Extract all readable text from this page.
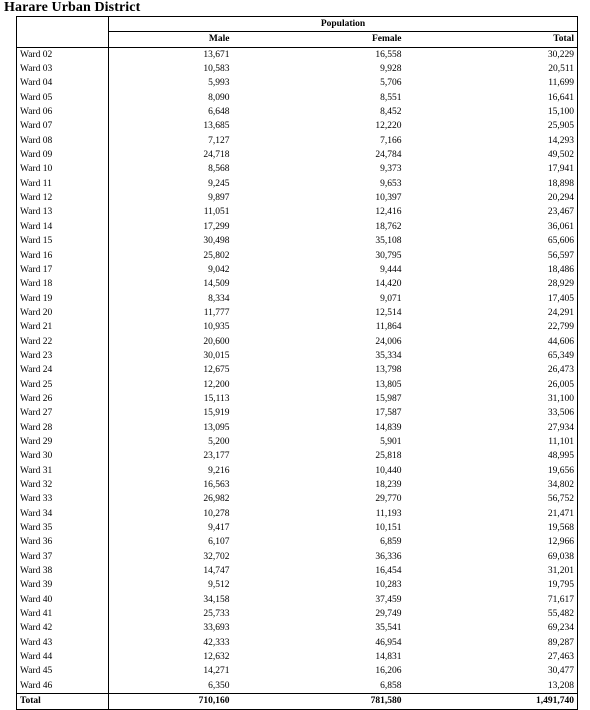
Harare Urban District
	Population		
	Male	Female	Total
Ward 02	13,671	16,558	30,229
Ward 03	10,583	9,928	20,511
Ward 04	5,993	5,706	11,699
Ward 05	8,090	8,551	16,641
Ward 06	6,648	8,452	15,100
Ward 07	13,685	12,220	25,905
Ward 08	7,127	7,166	14,293
Ward 09	24,718	24,784	49,502
Ward 10	8,568	9,373	17,941
Ward 11	9,245	9,653	18,898
Ward 12	9,897	10,397	20,294
Ward 13	11,051	12,416	23,467
Ward 14	17,299	18,762	36,061
Ward 15	30,498	35,108	65,606
Ward 16	25,802	30,795	56,597
Ward 17	9,042	9,444	18,486
Ward 18	14,509	14,420	28,929
Ward 19	8,334	9,071	17,405
Ward 20	11,777	12,514	24,291
Ward 21	10,935	11,864	22,799
Ward 22	20,600	24,006	44,606
Ward 23	30,015	35,334	65,349
Ward 24	12,675	13,798	26,473
Ward 25	12,200	13,805	26,005
Ward 26	15,113	15,987	31,100
Ward 27	15,919	17,587	33,506
Ward 28	13,095	14,839	27,934
Ward 29	5,200	5,901	11,101
Ward 30	23,177	25,818	48,995
Ward 31	9,216	10,440	19,656
Ward 32	16,563	18,239	34,802
Ward 33	26,982	29,770	56,752
Ward 34	10,278	11,193	21,471
Ward 35	9,417	10,151	19,568
Ward 36	6,107	6,859	12,966
Ward 37	32,702	36,336	69,038
Ward 38	14,747	16,454	31,201
Ward 39	9,512	10,283	19,795
Ward 40	34,158	37,459	71,617
Ward 41	25,733	29,749	55,482
Ward 42	33,693	35,541	69,234
Ward 43	42,333	46,954	89,287
Ward 44	12,632	14,831	27,463
Ward 45	14,271	16,206	30,477
Ward 46	6,350	6,858	13,208
Total	710,160	781,580	1,491,740
